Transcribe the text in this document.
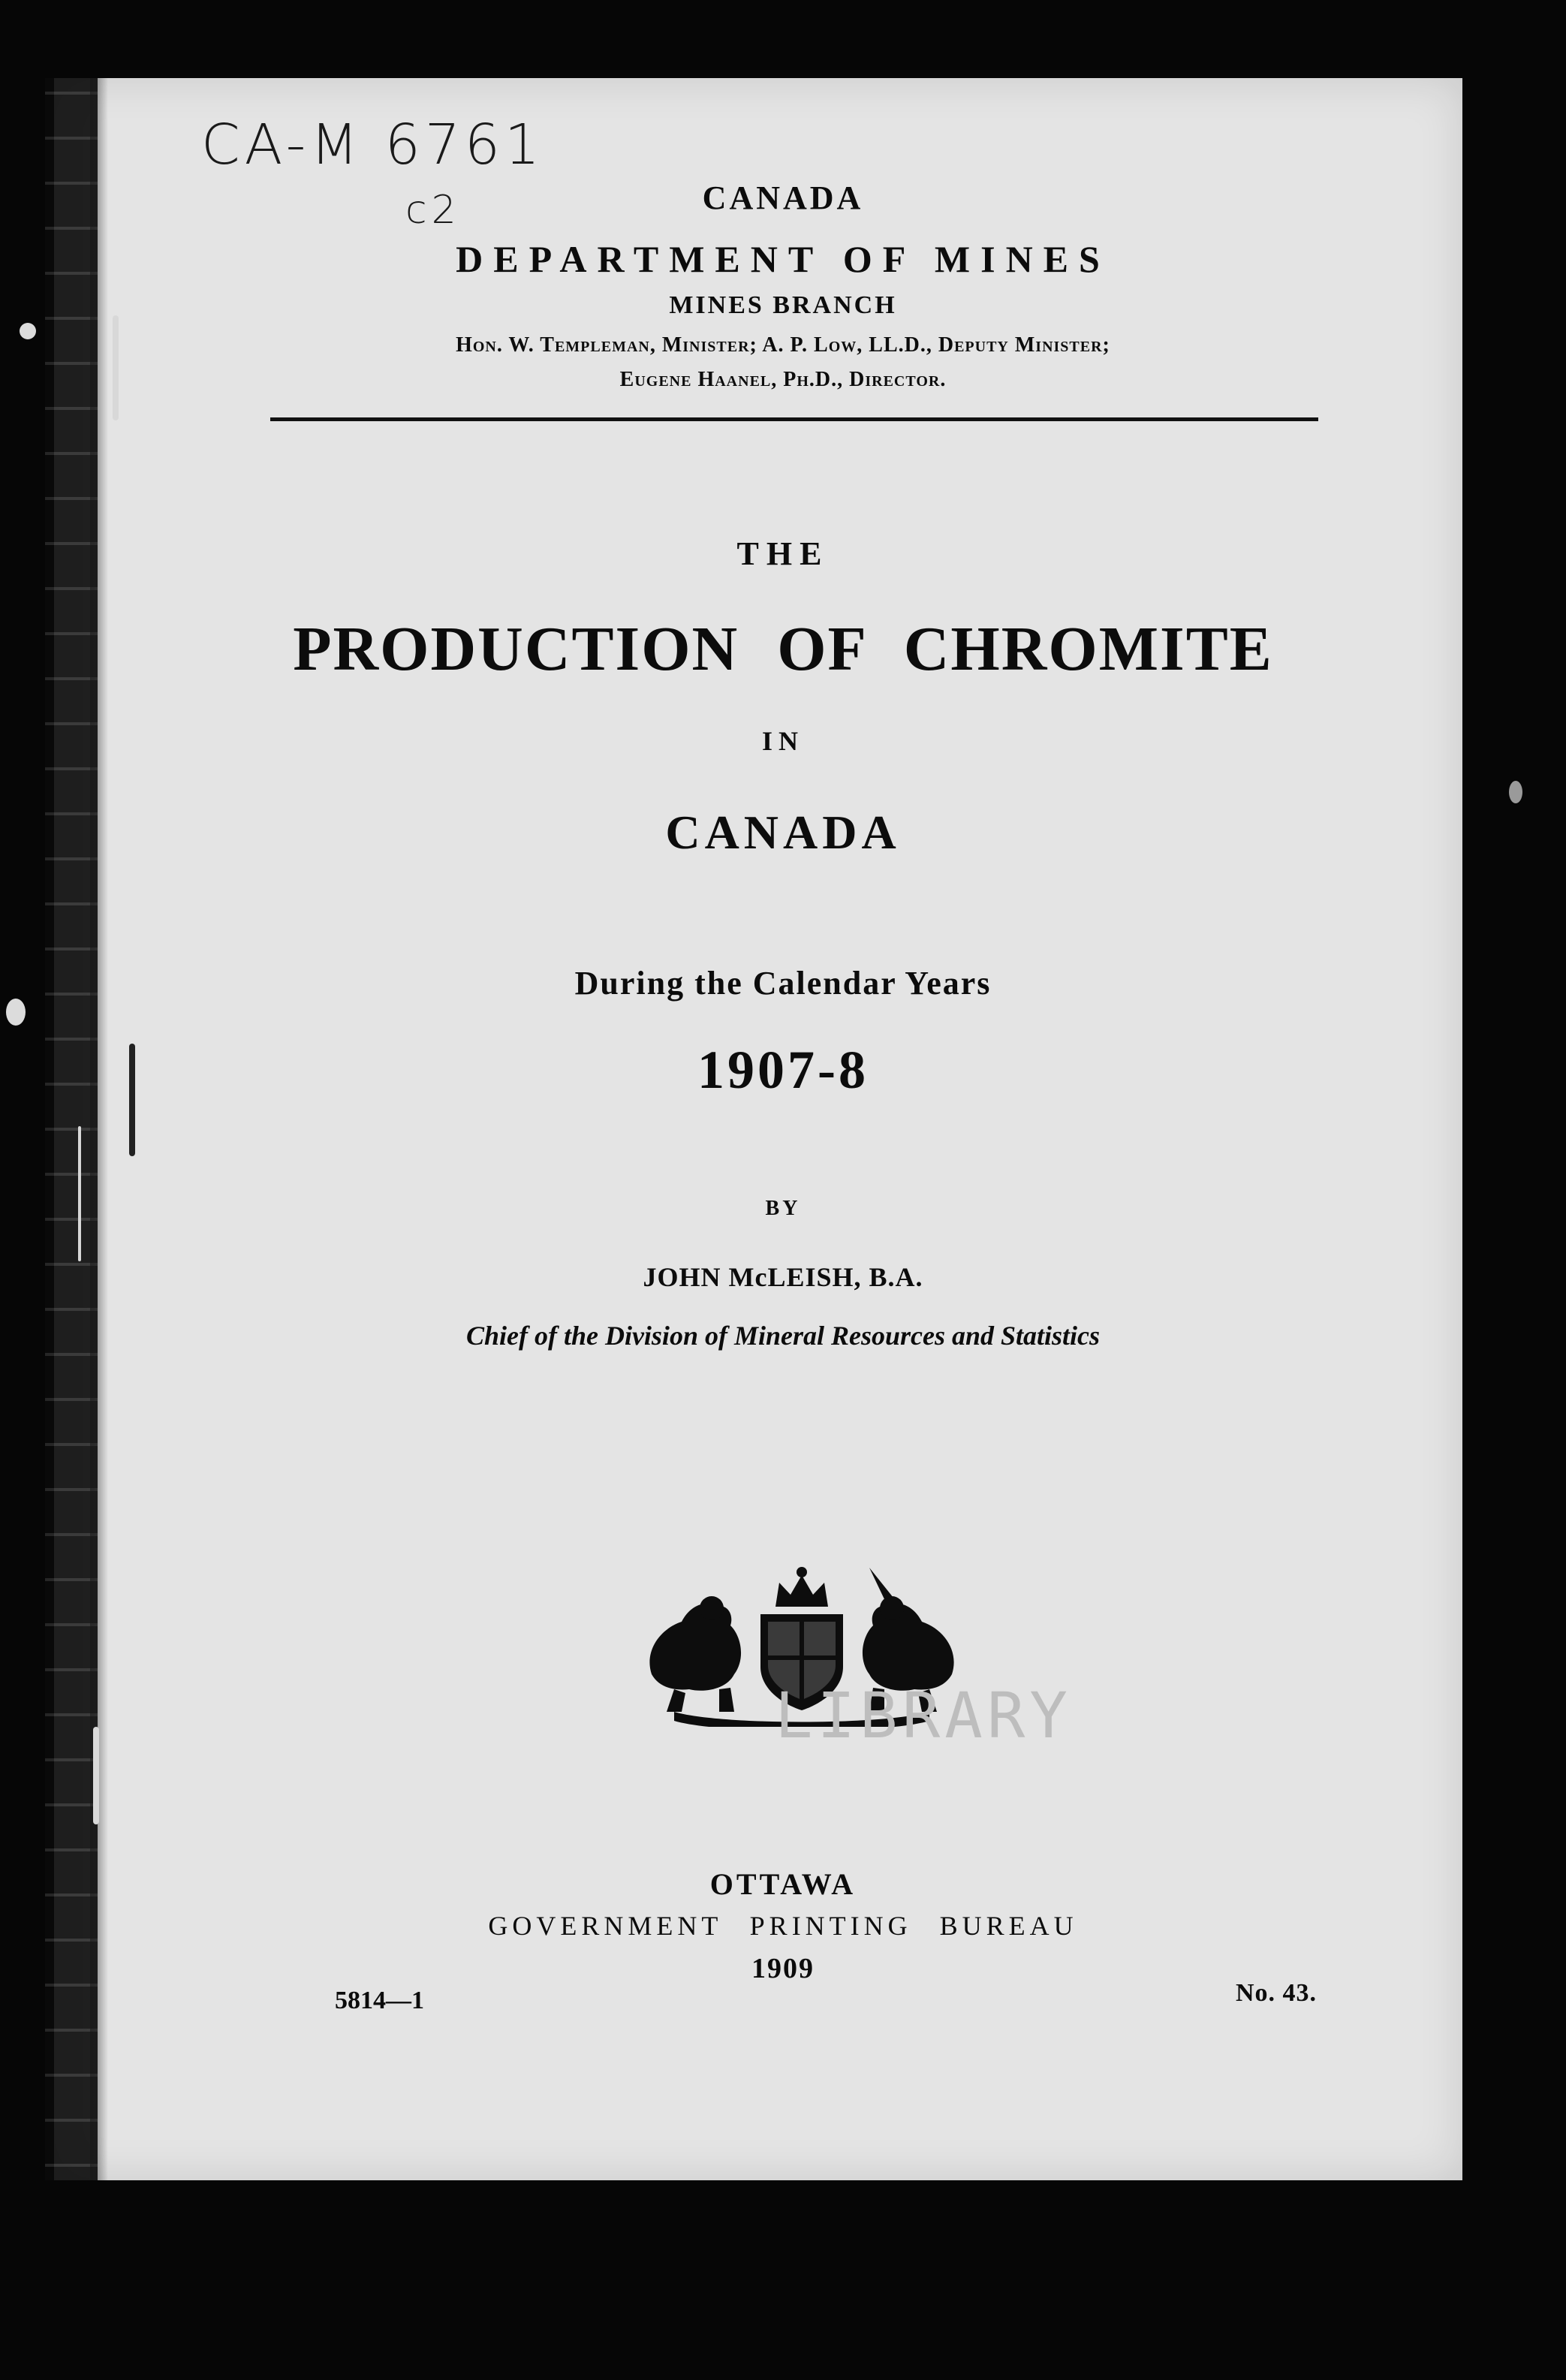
CA-M 6761
c2	CANADA
DEPARTMENT OF MINES
MINES BRANCH
Hon. W. Templeman, Minister; A. P. Low, LL.D., Deputy Minister;
Eugene Haanel, Ph.D., Director.
THE
PRODUCTION OF CHROMITE
IN
CANADA
During the Calendar Years
1907-8
BY
JOHN McLEISH, B.A.
Chief of the Division of Mineral Resources and Statistics
LIBRARY
OTTAWA
GOVERNMENT PRINTING BUREAU
1909
5814—1	No. 43.
